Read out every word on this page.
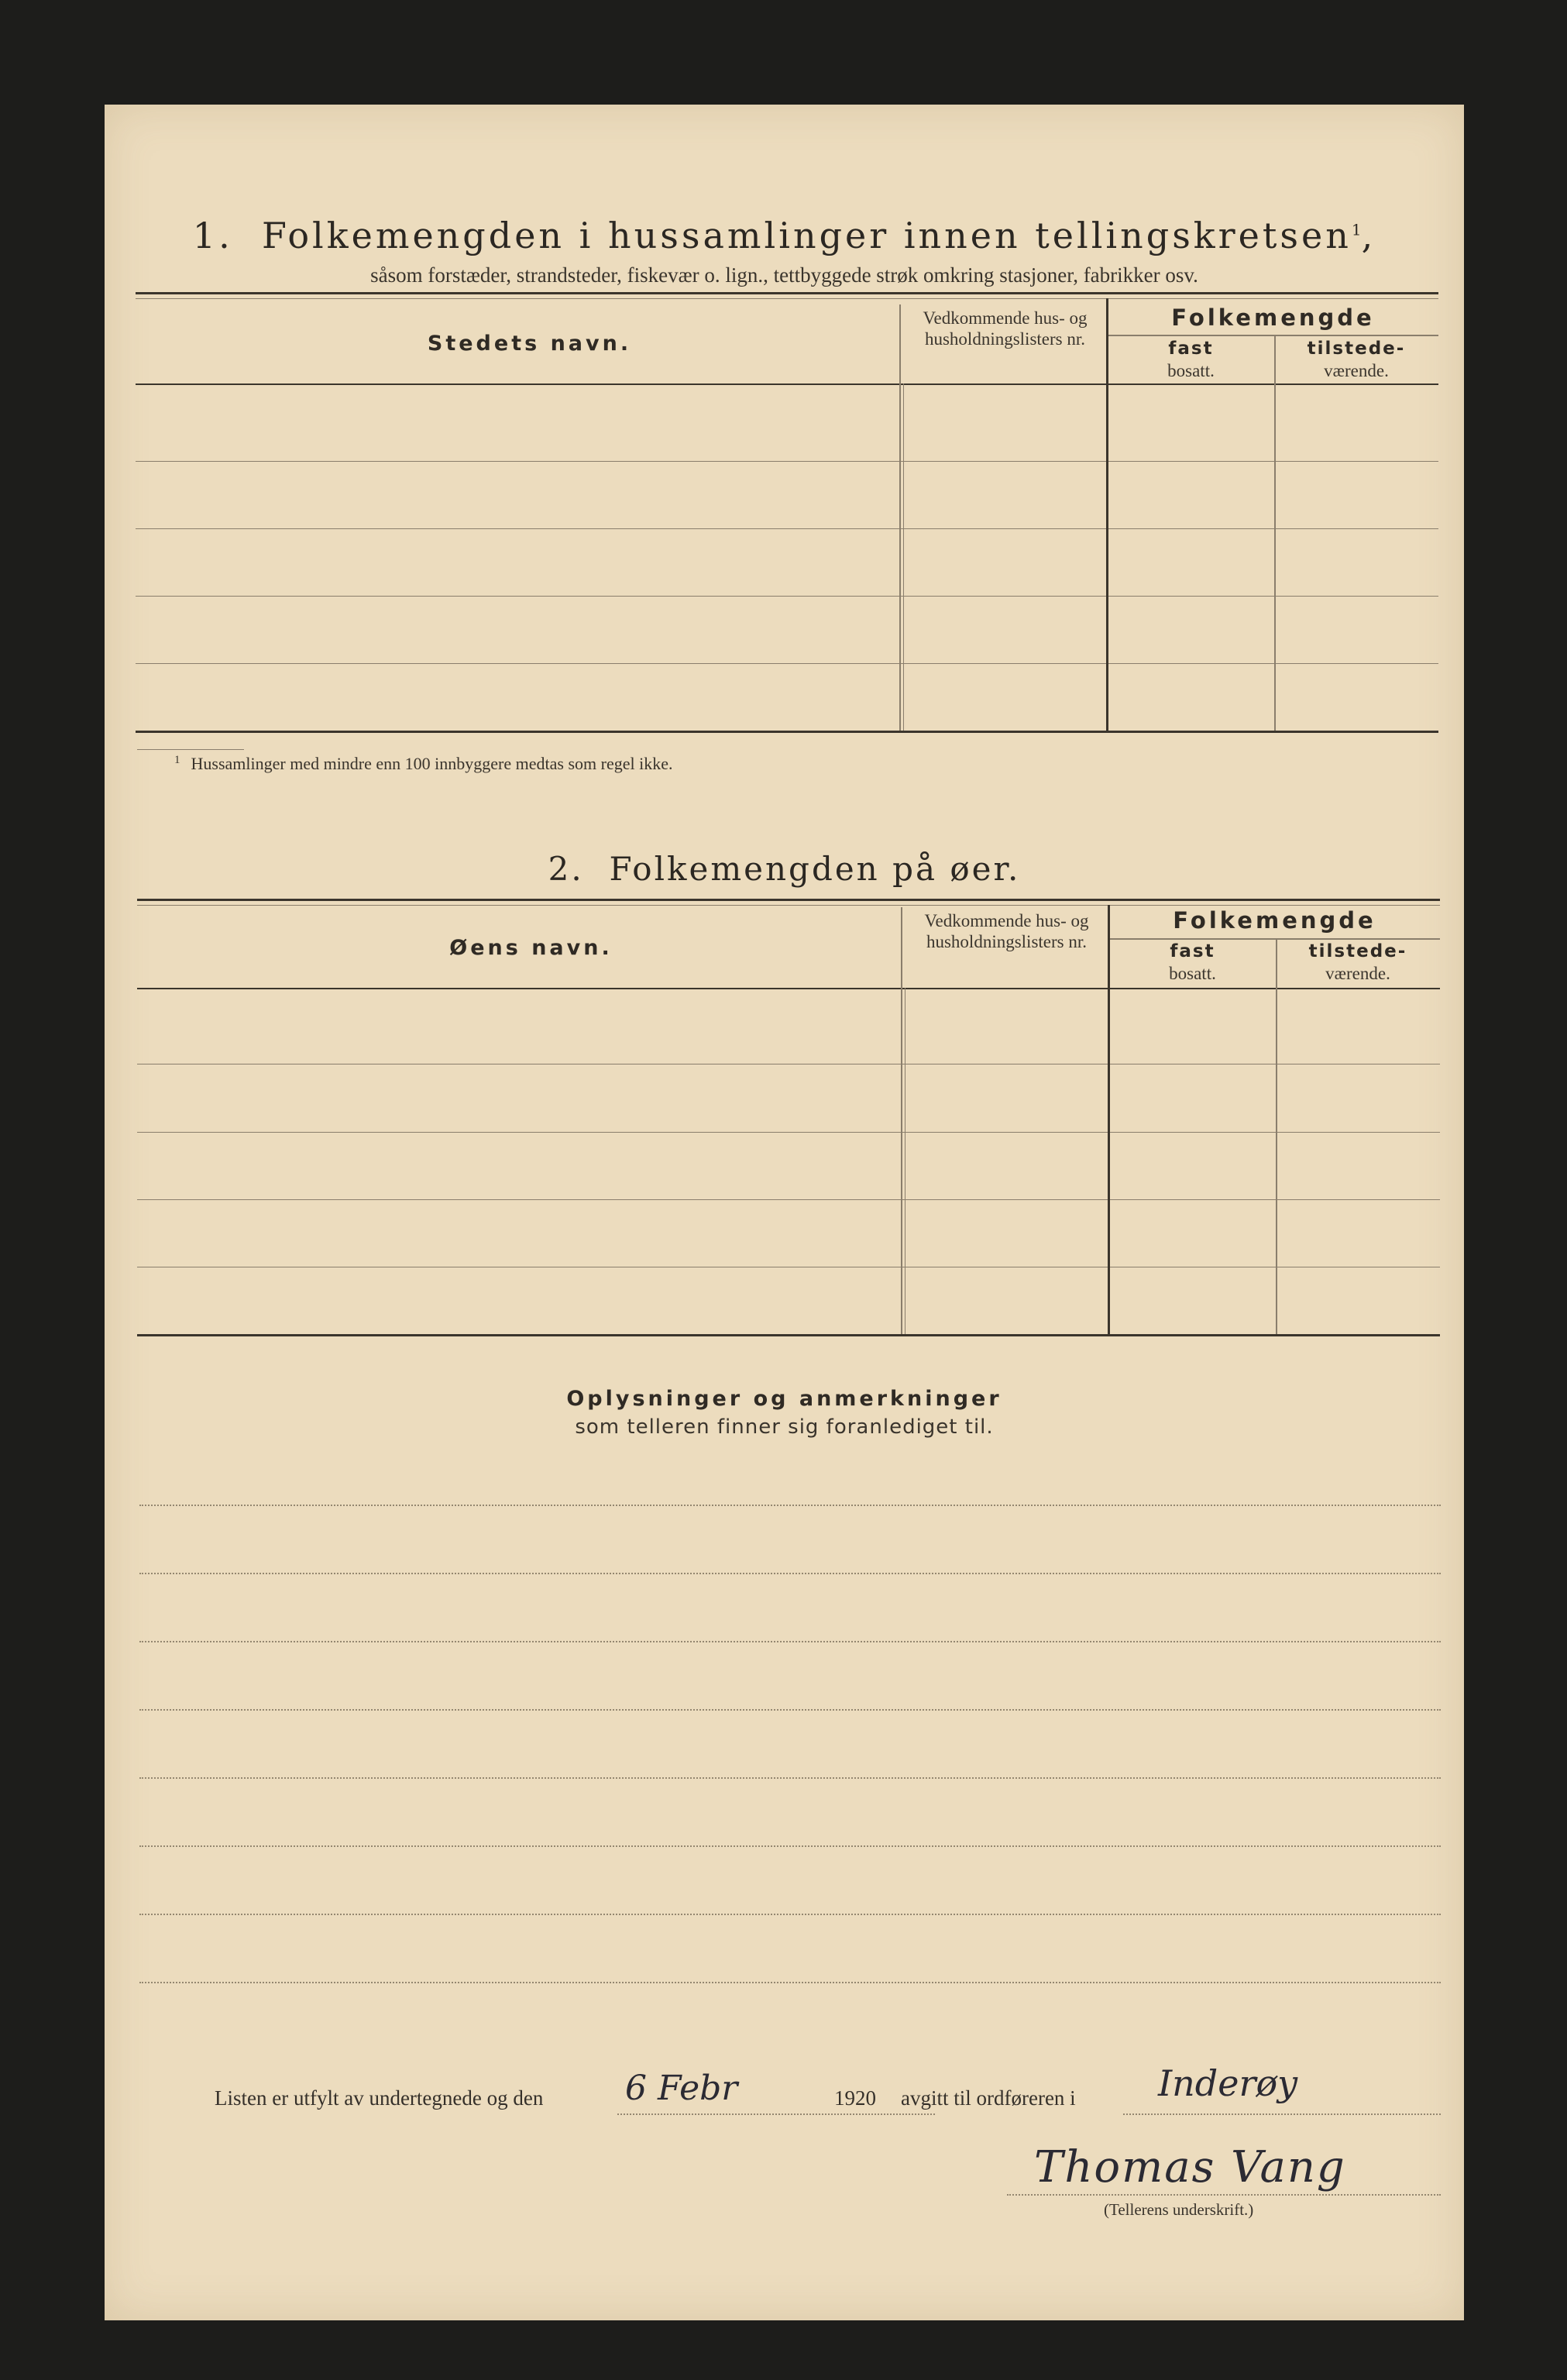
1. Folkemengden i hussamlinger innen tellingskretsen$^1$,
såsom forstæder, strandsteder, fiskevær o. lign., tettbyggede strøk omkring stasjoner, fabrikker osv.
Stedets navn.
Vedkommende hus- og husholdningslisters nr.
Folkemengde
fast
bosatt.
tilstede-
værende.
$^1$ Hussamlinger med mindre enn 100 innbyggere medtas som regel ikke.
2. Folkemengden på øer.
Øens navn.
Vedkommende hus- og husholdningslisters nr.
Folkemengde
fast
bosatt.
tilstede-
værende.
Oplysninger og anmerkninger
som telleren finner sig foranlediget til.
Listen er utfylt av undertegnede og den 6 Febr	1920 avgitt til ordføreren i Inderøy
Thomas Vang
(Tellerens underskrift.)
